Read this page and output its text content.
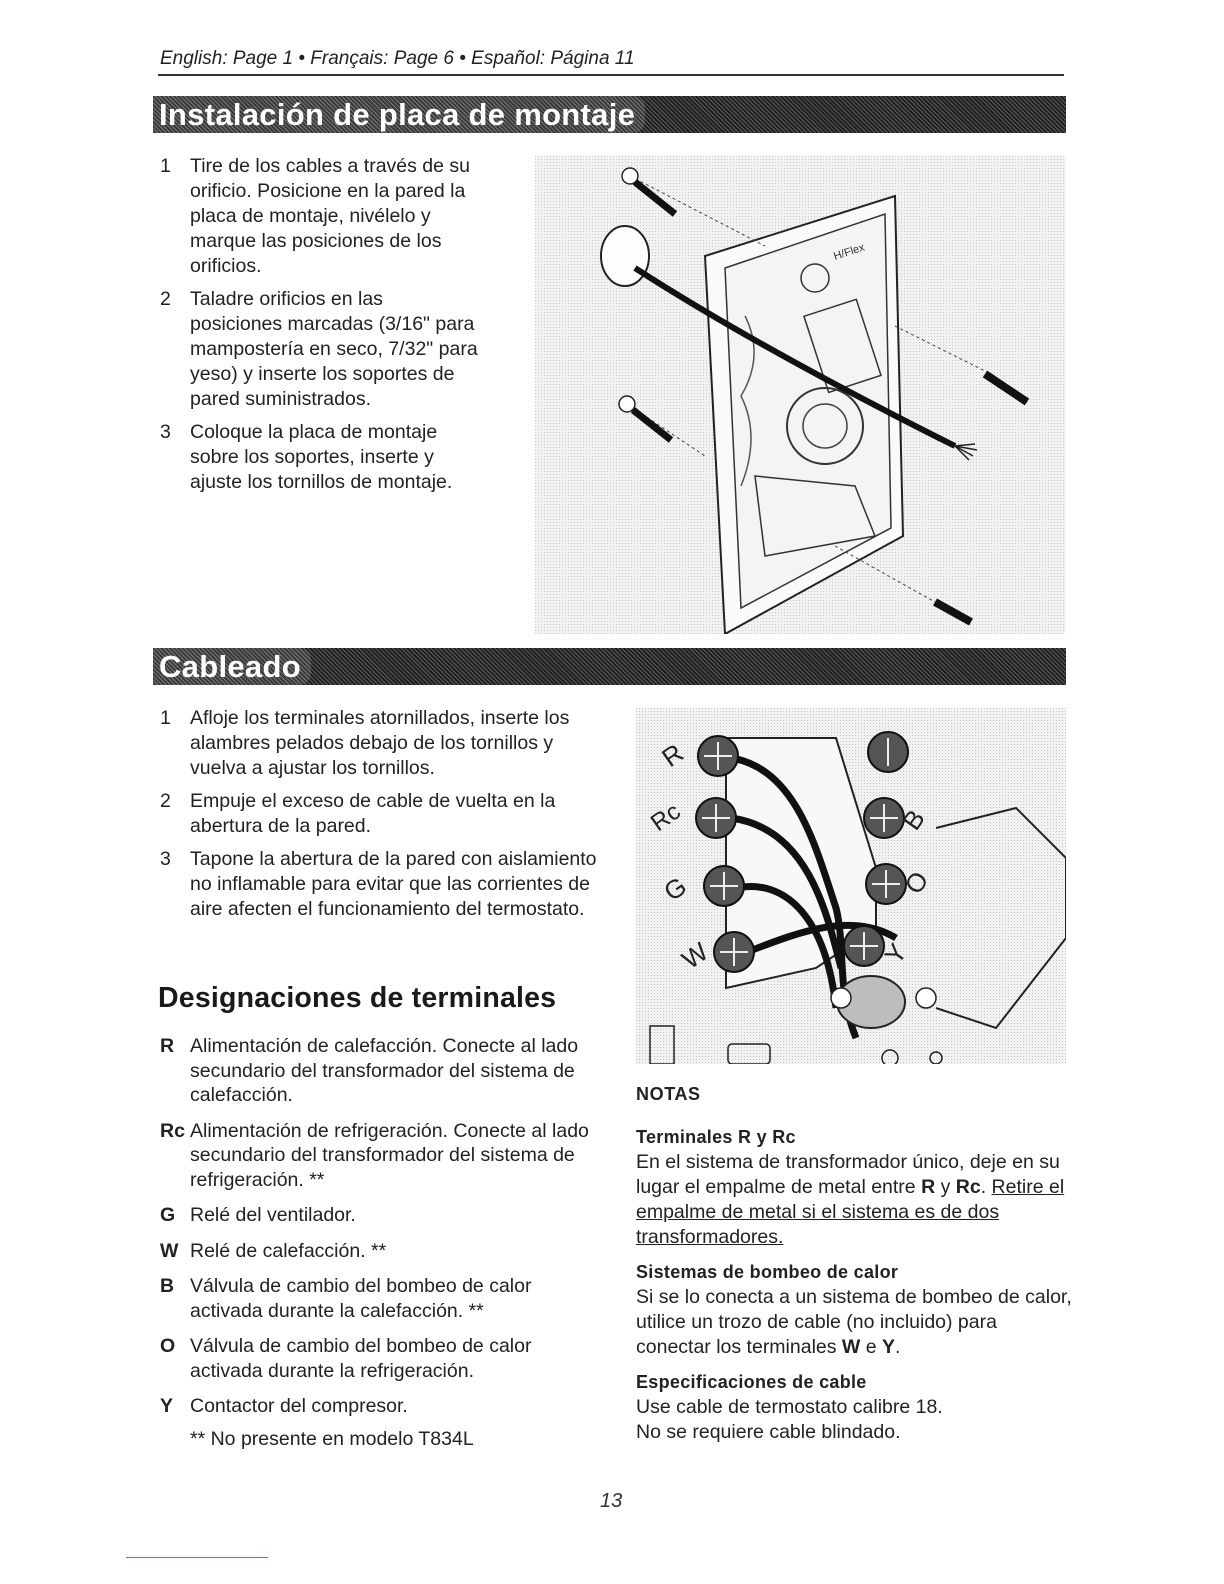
English: Page 1 • Français: Page 6 • Español: Página 11
Instalación de placa de montaje
1 Tire de los cables a través de su orificio. Posicione en la pared la placa de montaje, nivélelo y marque las posiciones de los orificios.
2 Taladre orificios en las posiciones marcadas (3/16" para mampostería en seco, 7/32" para yeso) y inserte los soportes de pared suministrados.
3 Coloque la placa de montaje sobre los soportes, inserte y ajuste los tornillos de montaje.
H/Flex
Cableado
1 Afloje los terminales atornillados, inserte los alambres pelados debajo de los tornillos y vuelva a ajustar los tornillos.
2 Empuje el exceso de cable de vuelta en la abertura de la pared.
3 Tapone la abertura de la pared con aislamiento no inflamable para evitar que las corrientes de aire afecten el funcionamiento del termostato.
R
Rc
G
W
B
O
Y
Designaciones de terminales
R Alimentación de calefacción. Conecte al lado secundario del transformador del sistema de calefacción.
Rc Alimentación de refrigeración. Conecte al lado secundario del transformador del sistema de refrigeración. **
G Relé del ventilador.
W Relé de calefacción. **
B Válvula de cambio del bombeo de calor activada durante la calefacción. **
O Válvula de cambio del bombeo de calor activada durante la refrigeración.
Y Contactor del compresor.
** No presente en modelo T834L
NOTAS
Terminales R y Rc
En el sistema de transformador único, deje en su lugar el empalme de metal entre R y Rc. Retire el empalme de metal si el sistema es de dos transformadores.
Sistemas de bombeo de calor
Si se lo conecta a un sistema de bombeo de calor, utilice un trozo de cable (no incluido) para conectar los terminales W e Y.
Especificaciones de cable
Use cable de termostato calibre 18.
No se requiere cable blindado.
13
